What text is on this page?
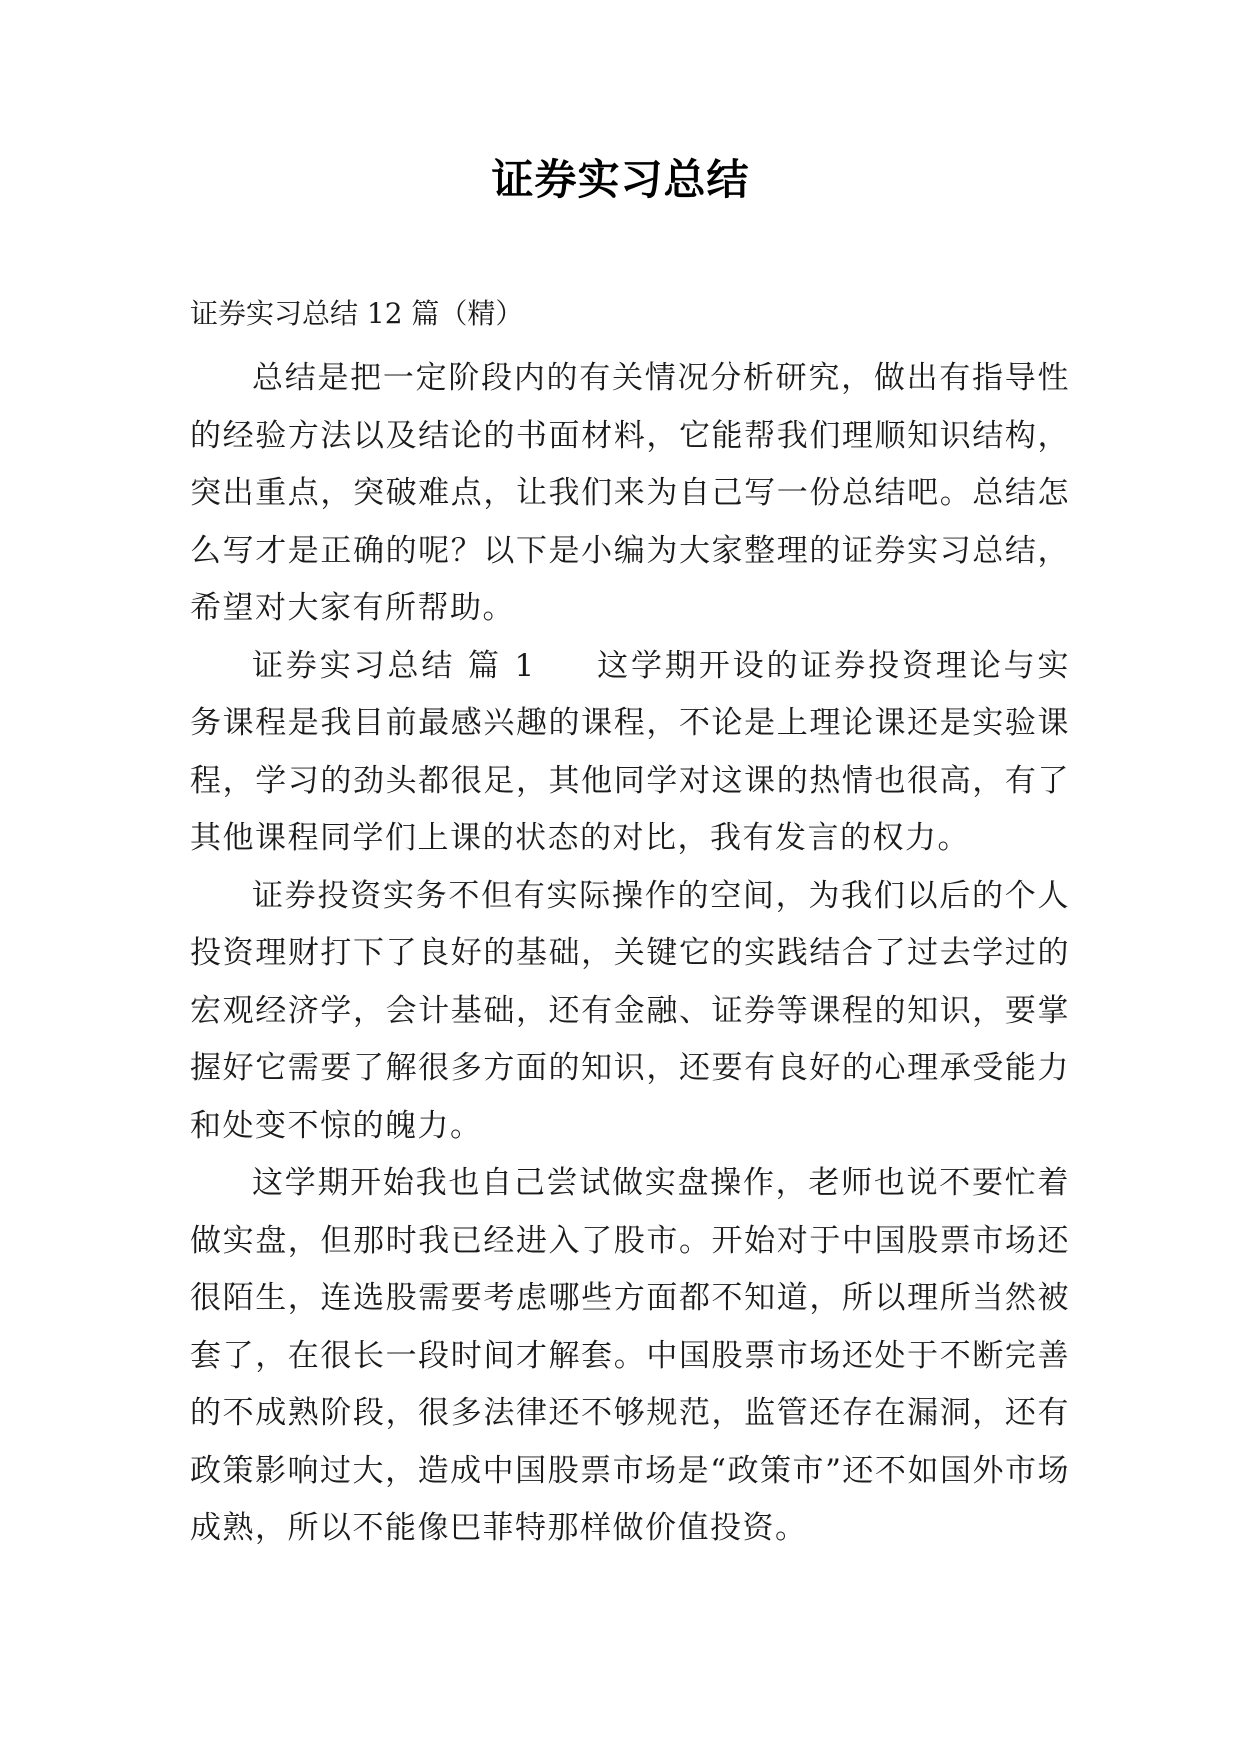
证券实习总结
证券实习总结 12 篇（精）

总结是把一定阶段内的有关情况分析研究，做出有指导性的经验方法以及结论的书面材料，它能帮我们理顺知识结构，突出重点，突破难点，让我们来为自己写一份总结吧。总结怎么写才是正确的呢？以下是小编为大家整理的证券实习总结，希望对大家有所帮助。

证券实习总结 篇 1 这学期开设的证券投资理论与实务课程是我目前最感兴趣的课程，不论是上理论课还是实验课程，学习的劲头都很足，其他同学对这课的热情也很高，有了其他课程同学们上课的状态的对比，我有发言的权力。

证券投资实务不但有实际操作的空间，为我们以后的个人投资理财打下了良好的基础，关键它的实践结合了过去学过的宏观经济学，会计基础，还有金融、证券等课程的知识，要掌握好它需要了解很多方面的知识，还要有良好的心理承受能力和处变不惊的魄力。

这学期开始我也自己尝试做实盘操作，老师也说不要忙着做实盘，但那时我已经进入了股市。开始对于中国股票市场还很陌生，连选股需要考虑哪些方面都不知道，所以理所当然被套了，在很长一段时间才解套。中国股票市场还处于不断完善的不成熟阶段，很多法律还不够规范，监管还存在漏洞，还有政策影响过大，造成中国股票市场是“政策市”还不如国外市场成熟，所以不能像巴菲特那样做价值投资。
